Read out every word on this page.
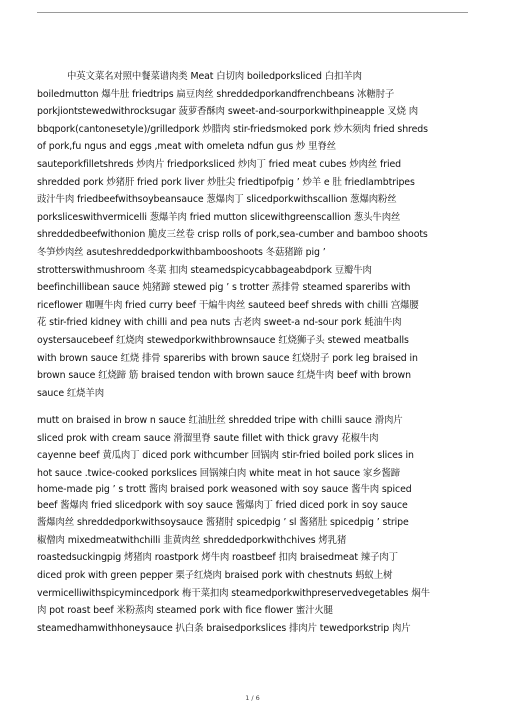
中英文菜名对照中餐菜谱肉类 Meat 白切肉 boiledporksliced 白扣羊肉
boiledmutton 爆牛肚 friedtrips 扁豆肉丝 shreddedporkandfrenchbeans 冰糖肘子
porkjiontstewedwithrocksugar 菠萝香酥肉 sweet-and-sourporkwithpineapple 叉烧 肉
bbqpork(cantonesetyle)/grilledpork 炒腊肉 stir-friedsmoked pork 炒木须肉 fried shreds
of pork,fu ngus and eggs ,meat with omeleta ndfun gus 炒 里脊丝
sauteporkfilletshreds 炒肉片 friedporksliced 炒肉丁 fried meat cubes 炒肉丝 fried
shredded pork 炒猪肝 fried pork liver 炒肚尖 friedtipofpig ’ 炒羊 e 肚 friedlambtripes
豉汁牛肉 friedbeefwithsoybeansauce 葱爆肉丁 slicedporkwithscallion 葱爆肉粉丝
porksliceswithvermicelli 葱爆羊肉 fried mutton slicewithgreenscallion 葱头牛肉丝
shreddedbeefwithonion 脆皮三丝卷 crisp rolls of pork,sea-cumber and bamboo shoots
冬笋炒肉丝 asuteshreddedporkwithbambooshoots 冬菇猪蹄 pig ’
strotterswithmushroom 冬菜 扣肉 steamedspicycabbageabdpork 豆瓣牛肉
beefinchillibean sauce 炖猪蹄 stewed pig ’ s trotter 蒸排骨 steamed spareribs with
riceflower 咖喱牛肉 fried curry beef 干煸牛肉丝 sauteed beef shreds with chilli 宫爆腰
花 stir-fried kidney with chilli and pea nuts 古老肉 sweet-a nd-sour pork 蚝油牛肉
oystersaucebeef 红烧肉 stewedporkwithbrownsauce 红烧狮子头 stewed meatballs
with brown sauce 红烧 排骨 spareribs with brown sauce 红烧肘子 pork leg braised in
brown sauce 红烧蹄 筋 braised tendon with brown sauce 红烧牛肉 beef with brown
sauce 红烧羊肉
mutt on braised in brow n sauce 红油肚丝 shredded tripe with chilli sauce 滑肉片
sliced prok with cream sauce 滑溜里脊 saute fillet with thick gravy 花椒牛肉
cayenne beef 黄瓜肉丁 diced pork withcumber 回锅肉 stir-fried boiled pork slices in
hot sauce .twice-cooked porkslices 回锅辣白肉 white meat in hot sauce 家乡酱蹄
home-made pig ’ s trott 酱肉 braised pork weasoned with soy sauce 酱牛肉 spiced
beef 酱爆肉 fried slicedpork with soy sauce 酱爆肉丁 fried diced pork in soy sauce
酱爆肉丝 shreddedporkwithsoysauce 酱猪肘 spicedpig ’ sl 酱猪肚 spicedpig ’ stripe
椒僧肉 mixedmeatwithchilli 韭黄肉丝 shreddedporkwithchives 烤乳猪
roastedsuckingpig 烤猪肉 roastpork 烤牛肉 roastbeef 扣肉 braisedmeat 辣子肉丁
diced prok with green pepper 栗子红烧肉 braised pork with chestnuts 蚂蚁上树
vermicelliwithspicymincedpork 梅干菜扣肉 steamedporkwithpreservedvegetables 焖牛
肉 pot roast beef 米粉蒸肉 steamed pork with fice flower 蜜汁火腿
steamedhamwithhoneysauce 扒白条 braisedporkslices 排肉片 tewedporkstrip 肉片
1 / 6
